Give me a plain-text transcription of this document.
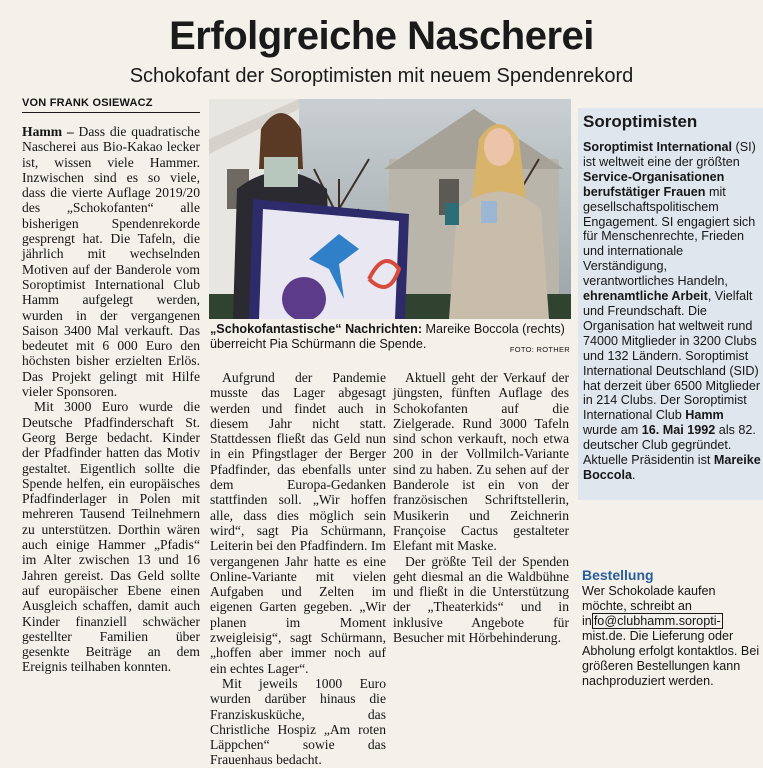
Erfolgreiche Nascherei
Schokofant der Soroptimisten mit neuem Spendenrekord
VON FRANK OSIEWACZ

Hamm – Dass die quadratische Nascherei aus Bio-Kakao lecker ist, wissen viele Hammer. Inzwischen sind es so viele, dass die vierte Auflage 2019/20 des „Schokofanten“ alle bisherigen Spendenrekorde gesprengt hat. Die Tafeln, die jährlich mit wechselnden Motiven auf der Banderole vom Soroptimist International Club Hamm aufgelegt werden, wurden in der vergangenen Saison 3400 Mal verkauft. Das bedeutet mit 6 000 Euro den höchsten bisher erzielten Erlös. Das Projekt gelingt mit Hilfe vieler Sponsoren.

Mit 3000 Euro wurde die Deutsche Pfadfinderschaft St. Georg Berge bedacht. Kinder der Pfadfinder hatten das Motiv gestaltet. Eigentlich sollte die Spende helfen, ein europäisches Pfadfinderlager in Polen mit mehreren Tausend Teilnehmern zu unterstützen. Dorthin wären auch einige Hammer „Pfadis“ im Alter zwischen 13 und 16 Jahren gereist. Das Geld sollte auf europäischer Ebene einen Ausgleich schaffen, damit auch Kinder finanziell schwächer gestellter Familien über gesenkte Beiträge an dem Ereignis teilhaben konnten.

„Schokofantastische“ Nachrichten: Mareike Boccola (rechts) überreicht Pia Schürmann die Spende.	FOTO: ROTHER

Aufgrund der Pandemie musste das Lager abgesagt werden und findet auch in diesem Jahr nicht statt. Stattdessen fließt das Geld nun in ein Pfingstlager der Berger Pfadfinder, das ebenfalls unter dem Europa-Gedanken stattfinden soll. „Wir hoffen alle, dass dies möglich sein wird“, sagt Pia Schürmann, Leiterin bei den Pfadfindern. Im vergangenen Jahr hatte es eine Online-Variante mit vielen Aufgaben und Zelten im eigenen Garten gegeben. „Wir planen im Moment zweigleisig“, sagt Schürmann, „hoffen aber immer noch auf ein echtes Lager“.

Mit jeweils 1000 Euro wurden darüber hinaus die Franziskusküche, das Christliche Hospiz „Am roten Läppchen“ sowie das Frauenhaus bedacht.

Aktuell geht der Verkauf der jüngsten, fünften Auflage des Schokofanten auf die Zielgerade. Rund 3000 Tafeln sind schon verkauft, noch etwa 200 in der Vollmilch-Variante sind zu haben. Zu sehen auf der Banderole ist ein von der französischen Schriftstellerin, Musikerin und Zeichnerin Françoise Cactus gestalteter Elefant mit Maske.

Der größte Teil der Spenden geht diesmal an die Waldbühne und fließt in die Unterstützung der „Theaterkids“ und in inklusive Angebote für Besucher mit Hörbehinderung.

Soroptimisten
Soroptimist International (SI) ist weltweit eine der größten Service-Organisationen berufstätiger Frauen mit gesellschaftspolitischem Engagement. SI engagiert sich für Menschenrechte, Frieden und internationale Verständigung, verantwortliches Handeln, ehrenamtliche Arbeit, Vielfalt und Freundschaft. Die Organisation hat weltweit rund 74000 Mitglieder in 3200 Clubs und 132 Ländern. Soroptimist International Deutschland (SID) hat derzeit über 6500 Mitglieder in 214 Clubs. Der Soroptimist International Club Hamm wurde am 16. Mai 1992 als 82. deutscher Club gegründet. Aktuelle Präsidentin ist Mareike Boccola.
Bestellung
Wer Schokolade kaufen möchte, schreibt an in fo@clubhamm.soropti-mist.de. Die Lieferung oder Abholung erfolgt kontaktlos. Bei größeren Bestellungen kann nachproduziert werden.
